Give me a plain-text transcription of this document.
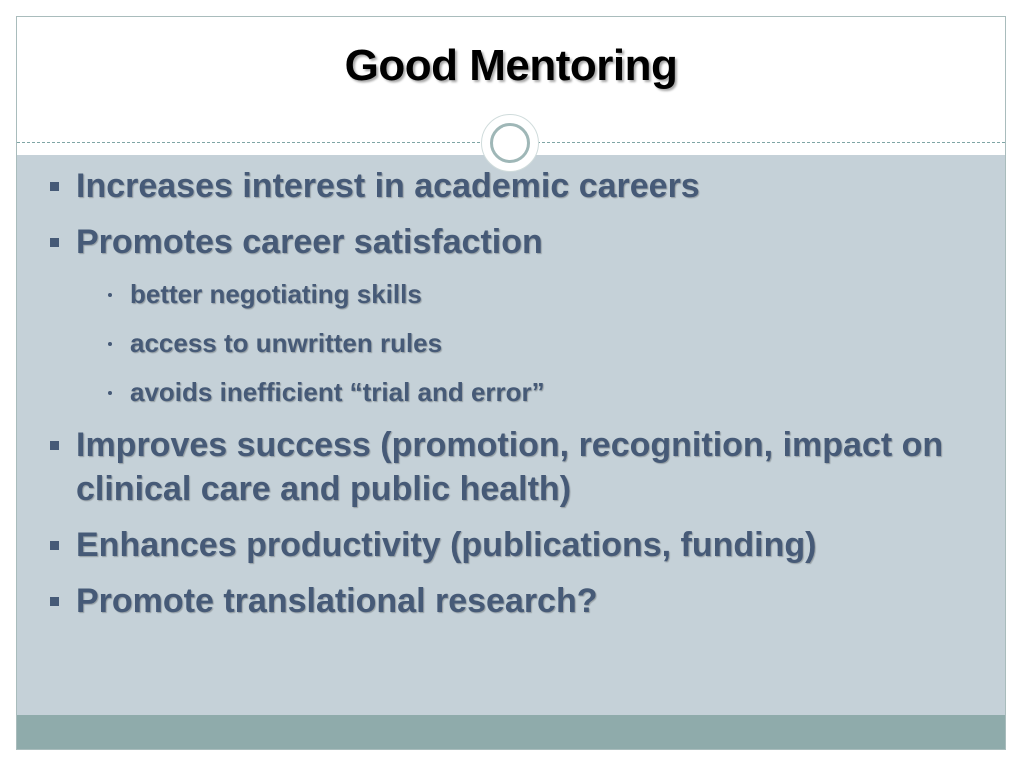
Good Mentoring
Increases interest in academic careers
Promotes career satisfaction
better negotiating skills
access to unwritten rules
avoids inefficient “trial and error”
Improves success (promotion, recognition, impact on clinical care and public health)
Enhances productivity (publications, funding)
Promote translational research?
